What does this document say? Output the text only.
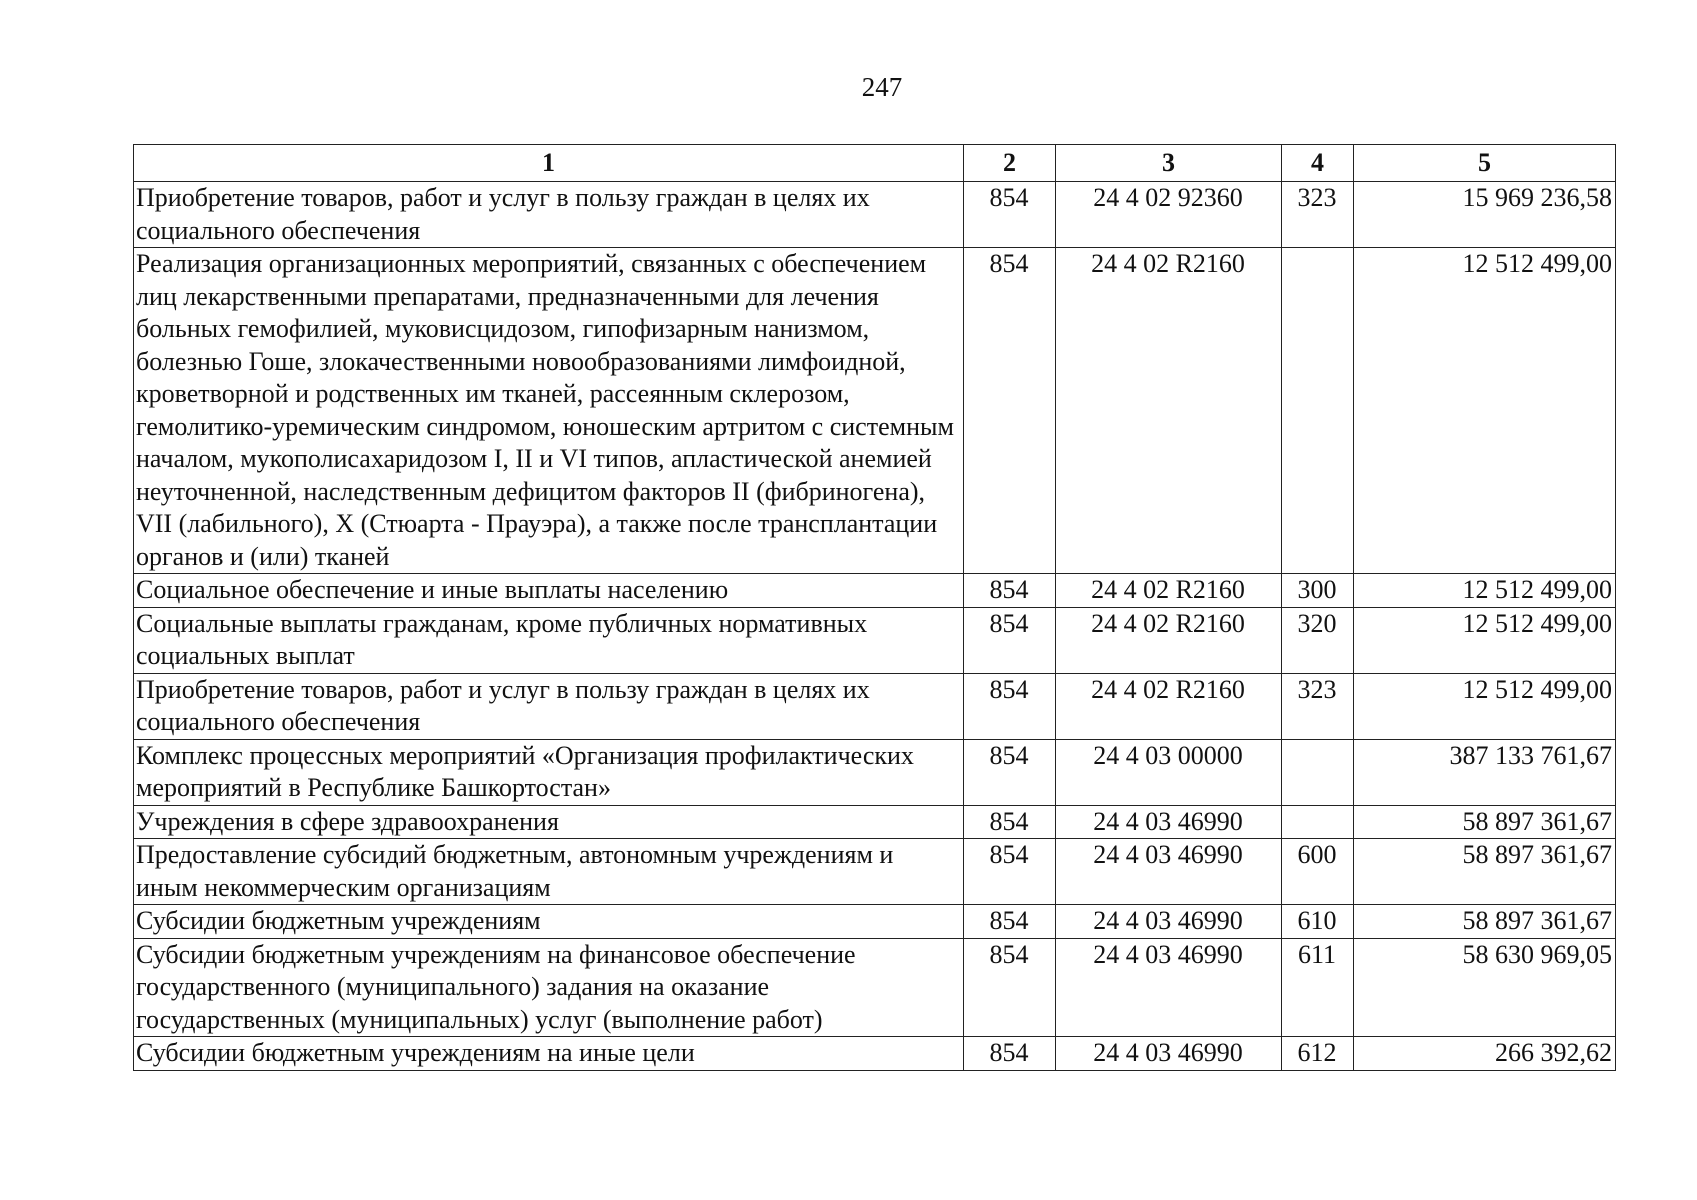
247
1	2	3	4	5
Приобретение товаров, работ и услуг в пользу граждан в целях их социального обеспечения	854	24 4 02 92360	323	15 969 236,58
Реализация организационных мероприятий, связанных с обеспечением лиц лекарственными препаратами, предназначенными для лечения больных гемофилией, муковисцидозом, гипофизарным нанизмом, болезнью Гоше, злокачественными новообразованиями лимфоидной, кроветворной и родственных им тканей, рассеянным склерозом, гемолитико-уремическим синдромом, юношеским артритом с системным началом, мукополисахаридозом I, II и VI типов, апластической анемией неуточненной, наследственным дефицитом факторов II (фибриногена), VII (лабильного), X (Стюарта - Прауэра), а также после трансплантации органов и (или) тканей	854	24 4 02 R2160		12 512 499,00
Социальное обеспечение и иные выплаты населению	854	24 4 02 R2160	300	12 512 499,00
Социальные выплаты гражданам, кроме публичных нормативных социальных выплат	854	24 4 02 R2160	320	12 512 499,00
Приобретение товаров, работ и услуг в пользу граждан в целях их социального обеспечения	854	24 4 02 R2160	323	12 512 499,00
Комплекс процессных мероприятий «Организация профилактических мероприятий в Республике Башкортостан»	854	24 4 03 00000		387 133 761,67
Учреждения в сфере здравоохранения	854	24 4 03 46990		58 897 361,67
Предоставление субсидий бюджетным, автономным учреждениям и иным некоммерческим организациям	854	24 4 03 46990	600	58 897 361,67
Субсидии бюджетным учреждениям	854	24 4 03 46990	610	58 897 361,67
Субсидии бюджетным учреждениям на финансовое обеспечение государственного (муниципального) задания на оказание государственных (муниципальных) услуг (выполнение работ)	854	24 4 03 46990	611	58 630 969,05
Субсидии бюджетным учреждениям на иные цели	854	24 4 03 46990	612	266 392,62
